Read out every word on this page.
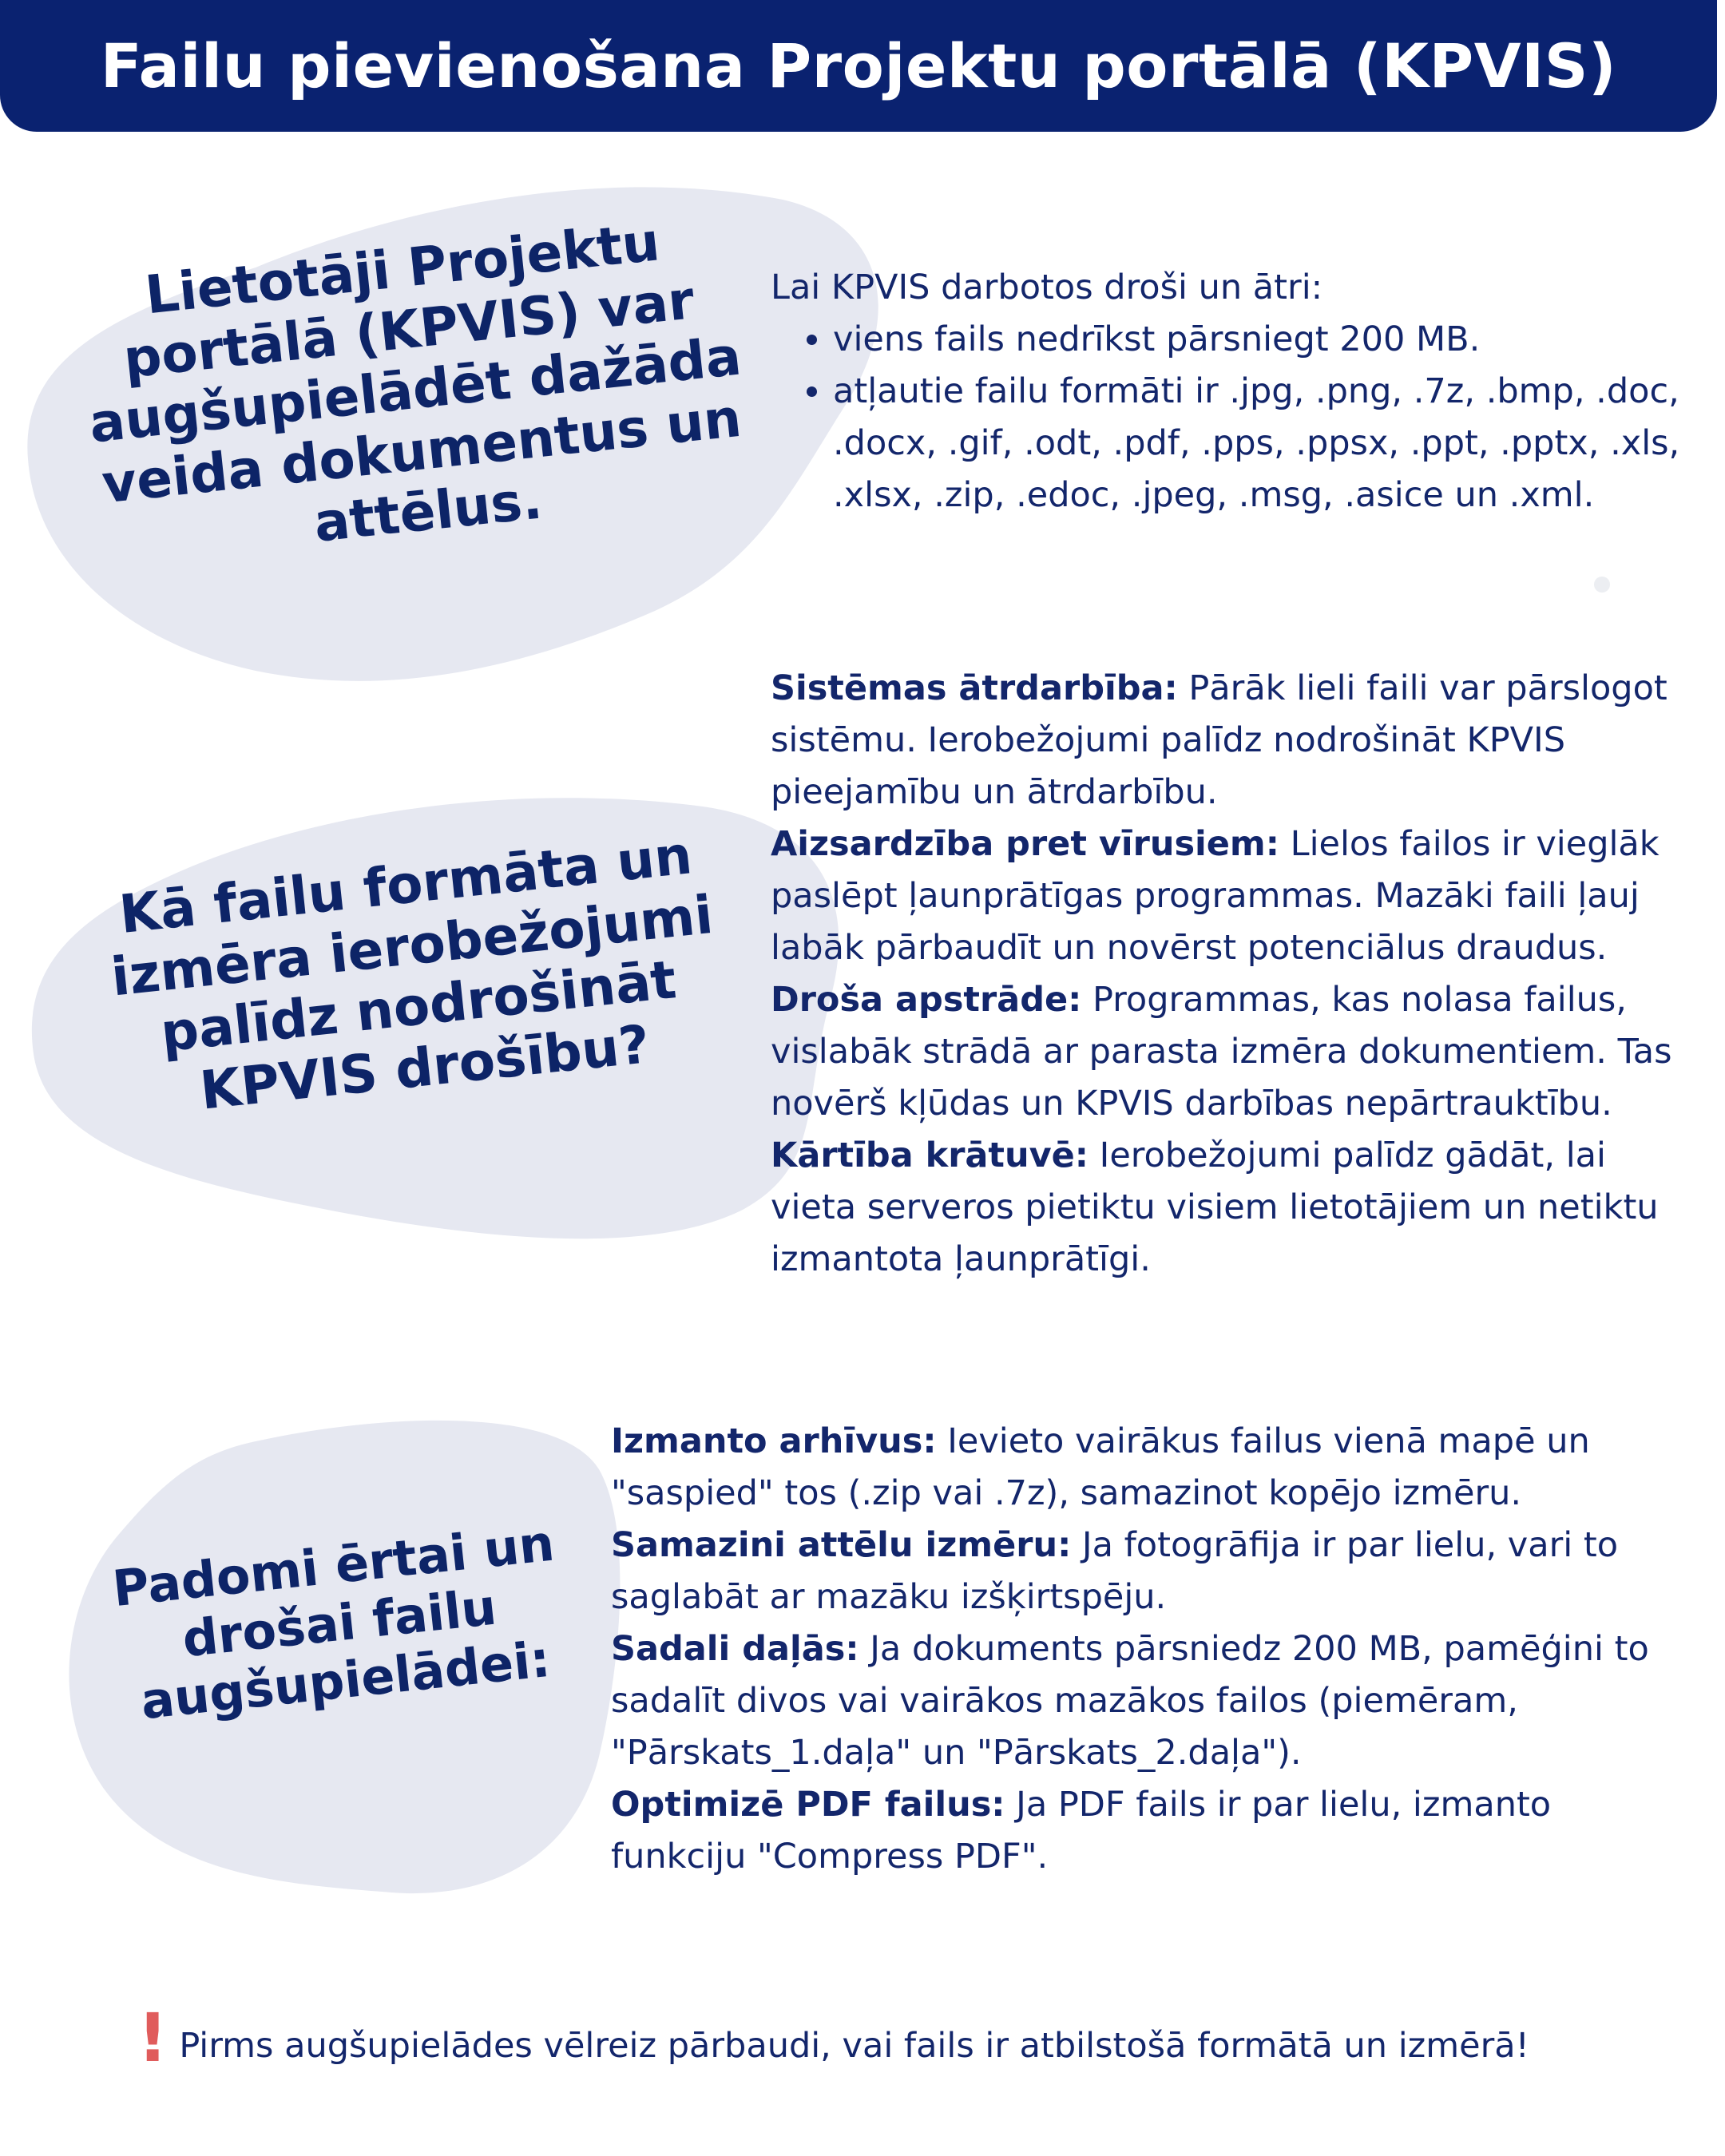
Failu pievienošana Projektu portālā (KPVIS)
Lietotāji Projektu portālā (KPVIS) var augšupielādēt dažāda veida dokumentus un attēlus.

Lai KPVIS darbotos droši un ātri:

• viens fails nedrīkst pārsniegt 200 MB.
• atļautie failu formāti ir .jpg, .png, .7z, .bmp, .doc, .docx, .gif, .odt, .pdf, .pps, .ppsx, .ppt, .pptx, .xls, .xlsx, .zip, .edoc, .jpeg, .msg, .asice un .xml.
Kā failu formāta un izmēra ierobežojumi palīdz nodrošināt KPVIS drošību?

Sistēmas ātrdarbība: Pārāk lieli faili var pārslogot sistēmu. Ierobežojumi palīdz nodrošināt KPVIS pieejamību un ātrdarbību.

Aizsardzība pret vīrusiem: Lielos failos ir vieglāk paslēpt ļaunprātīgas programmas. Mazāki faili ļauj labāk pārbaudīt un novērst potenciālus draudus.

Droša apstrāde: Programmas, kas nolasa failus, vislabāk strādā ar parasta izmēra dokumentiem. Tas novērš kļūdas un KPVIS darbības nepārtrauktību.

Kārtība krātuvē: Ierobežojumi palīdz gādāt, lai vieta serveros pietiktu visiem lietotājiem un netiktu izmantota ļaunprātīgi.

Padomi ērtai un drošai failu augšupielādei:

Izmanto arhīvus: Ievieto vairākus failus vienā mapē un "saspied" tos (.zip vai .7z), samazinot kopējo izmēru.

Samazini attēlu izmēru: Ja fotogrāfija ir par lielu, vari to saglabāt ar mazāku izšķirtspēju.

Sadali daļās: Ja dokuments pārsniedz 200 MB, pamēģini to sadalīt divos vai vairākos mazākos failos (piemēram, "Pārskats_1.daļa" un "Pārskats_2.daļa").

Optimizē PDF failus: Ja PDF fails ir par lielu, izmanto funkciju "Compress PDF".

! Pirms augšupielādes vēlreiz pārbaudi, vai fails ir atbilstošā formātā un izmērā!
